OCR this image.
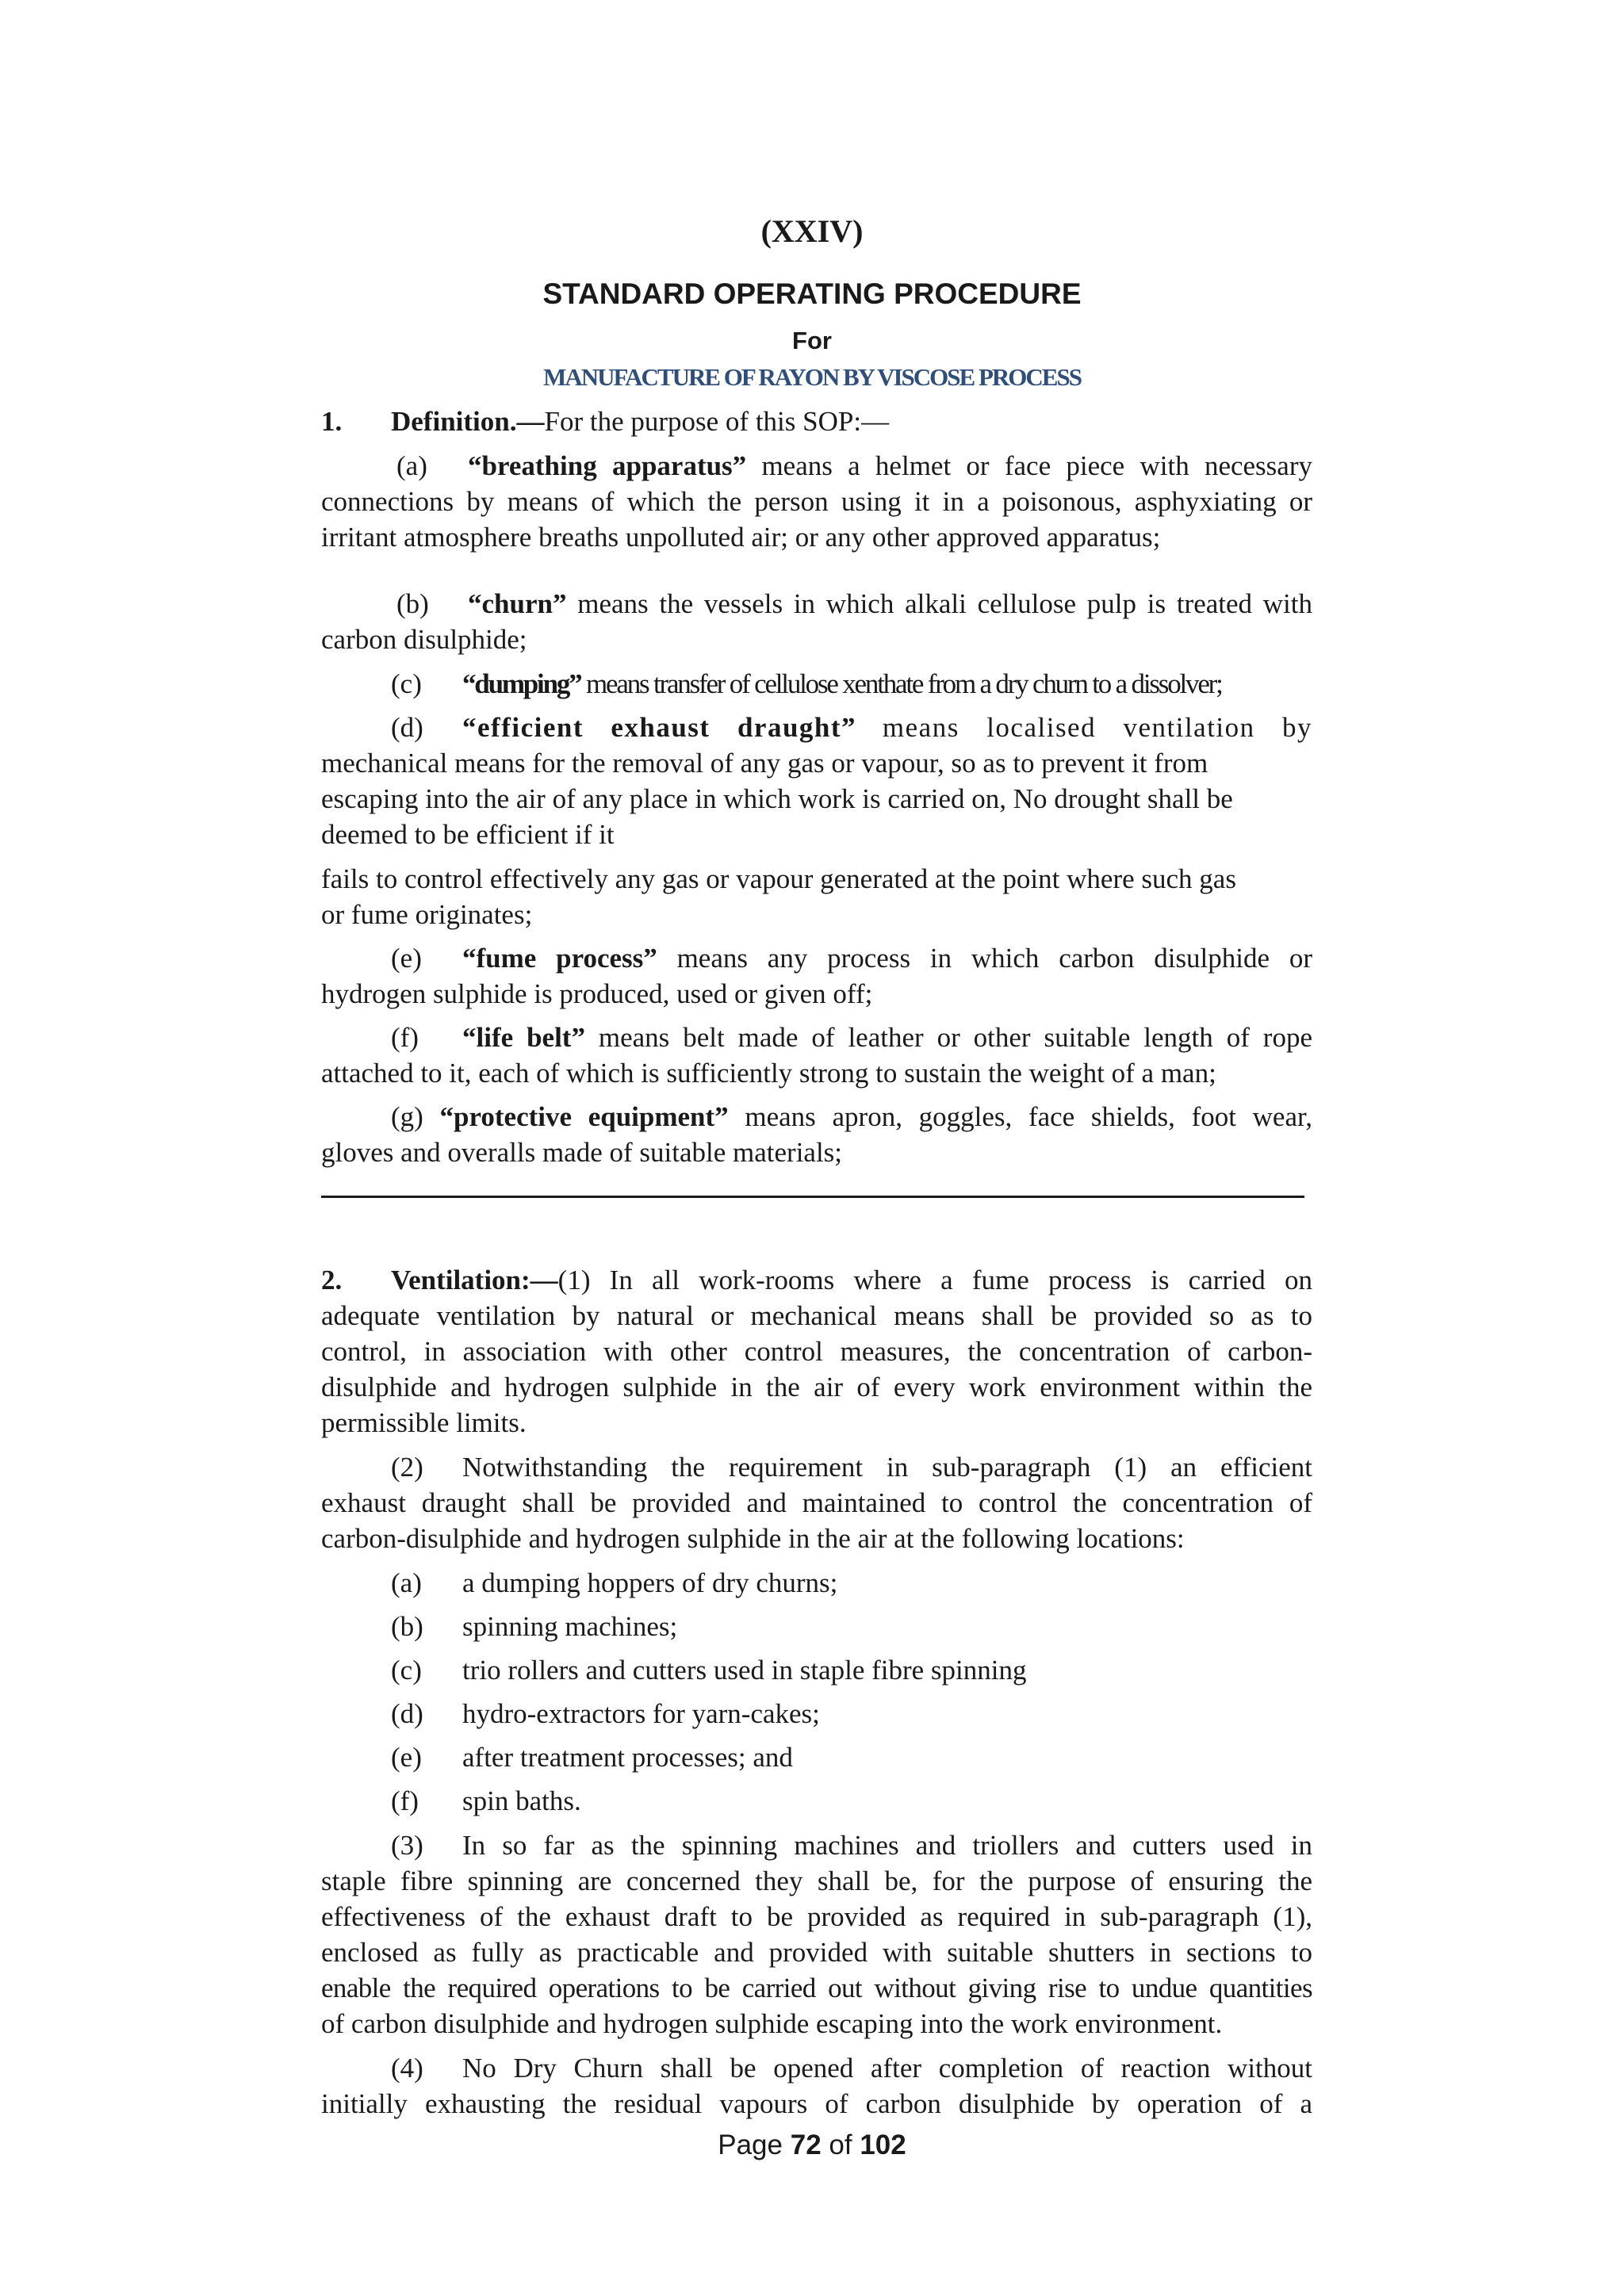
(XXIV)
STANDARD OPERATING PROCEDURE
For
MANUFACTURE OF RAYON BY VISCOSE PROCESS
1. Definition.—For the purpose of this SOP:—
(a) “breathing apparatus” means a helmet or face piece with necessary
connections by means of which the person using it in a poisonous, asphyxiating or
irritant atmosphere breaths unpolluted air; or any other approved apparatus;
(b) “churn” means the vessels in which alkali cellulose pulp is treated with
carbon disulphide;
(c) “dumping” means transfer of cellulose xenthate from a dry churn to a dissolver;
(d) “efficient exhaust draught” means localised ventilation by
mechanical means for the removal of any gas or vapour, so as to prevent it from
escaping into the air of any place in which work is carried on, No drought shall be
deemed to be efficient if it
fails to control effectively any gas or vapour generated at the point where such gas
or fume originates;
(e) “fume process” means any process in which carbon disulphide or
hydrogen sulphide is produced, used or given off;
(f) “life belt” means belt made of leather or other suitable length of rope
attached to it, each of which is sufficiently strong to sustain the weight of a man;
(g) “protective equipment” means apron, goggles, face shields, foot wear,
gloves and overalls made of suitable materials;
2. Ventilation:—(1) In all work-rooms where a fume process is carried on
adequate ventilation by natural or mechanical means shall be provided so as to
control, in association with other control measures, the concentration of carbon-
disulphide and hydrogen sulphide in the air of every work environment within the
permissible limits.
(2) Notwithstanding the requirement in sub-paragraph (1) an efficient
exhaust draught shall be provided and maintained to control the concentration of
carbon-disulphide and hydrogen sulphide in the air at the following locations:
(a) a dumping hoppers of dry churns;
(b) spinning machines;
(c) trio rollers and cutters used in staple fibre spinning
(d) hydro-extractors for yarn-cakes;
(e) after treatment processes; and
(f) spin baths.
(3) In so far as the spinning machines and triollers and cutters used in
staple fibre spinning are concerned they shall be, for the purpose of ensuring the
effectiveness of the exhaust draft to be provided as required in sub-paragraph (1),
enclosed as fully as practicable and provided with suitable shutters in sections to
enable the required operations to be carried out without giving rise to undue quantities
of carbon disulphide and hydrogen sulphide escaping into the work environment.
(4) No Dry Churn shall be opened after completion of reaction without
initially exhausting the residual vapours of carbon disulphide by operation of a
Page 72 of 102
